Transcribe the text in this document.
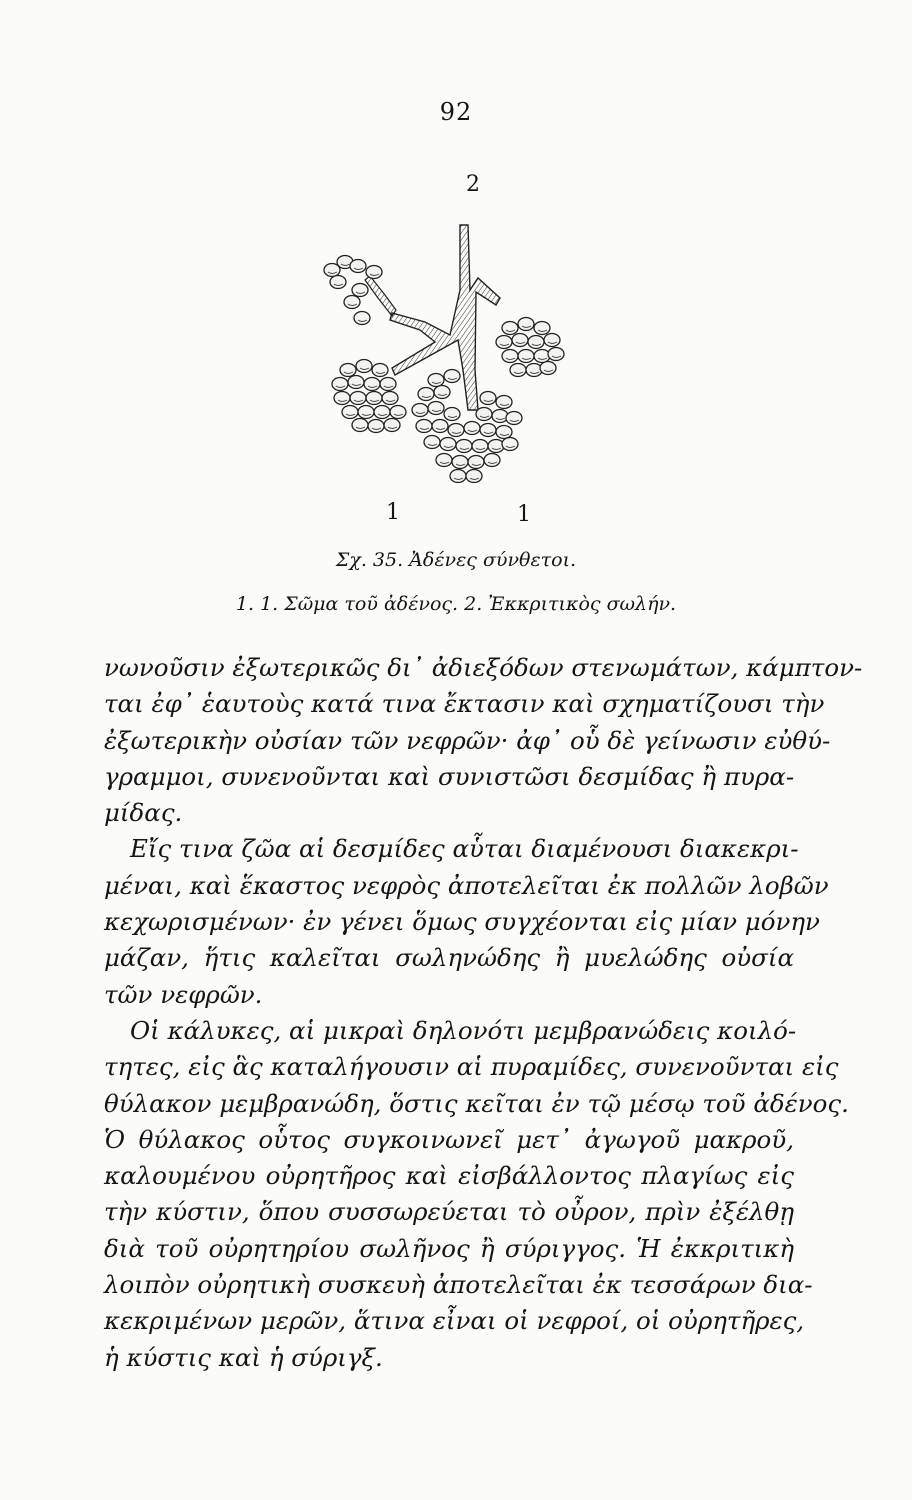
92
2
1	1
Σχ. 35. Ἀδένες σύνθετοι.
1. 1. Σῶμα τοῦ ἀδένος. 2. Ἐκκριτικὸς σωλήν.
νωνοῦσιν ἐξωτερικῶς δι᾽ ἀδιεξόδων στενωμάτων, κάμπτον-
ται ἐφ᾽ ἑαυτοὺς κατά τινα ἔκτασιν καὶ σχηματίζουσι τὴν
ἐξωτερικὴν οὐσίαν τῶν νεφρῶν· ἀφ᾽ οὗ δὲ γείνωσιν εὐθύ-
γραμμοι, συνενοῦνται καὶ συνιστῶσι δεσμίδας ἢ πυρα-
μίδας.
Εἴς τινα ζῶα αἱ δεσμίδες αὗται διαμένουσι διακεκρι-
μέναι, καὶ ἕκαστος νεφρὸς ἀποτελεῖται ἐκ πολλῶν λοβῶν
κεχωρισμένων· ἐν γένει ὅμως συγχέονται εἰς μίαν μόνην
μάζαν, ἥτις καλεῖται σωληνώδης ἢ μυελώδης οὐσία
τῶν νεφρῶν.
Οἱ κάλυκες, αἱ μικραὶ δηλονότι μεμβρανώδεις κοιλό-
τητες, εἰς ἃς καταλήγουσιν αἱ πυραμίδες, συνενοῦνται εἰς
θύλακον μεμβρανώδη, ὅστις κεῖται ἐν τῷ μέσῳ τοῦ ἀδένος.
Ὁ θύλακος οὗτος συγκοινωνεῖ μετ᾽ ἀγωγοῦ μακροῦ,
καλουμένου οὐρητῆρος καὶ εἰσβάλλοντος πλαγίως εἰς
τὴν κύστιν, ὅπου συσσωρεύεται τὸ οὖρον, πρὶν ἐξέλθῃ
διὰ τοῦ οὐρητηρίου σωλῆνος ἢ σύριγγος. Ἡ ἐκκριτικὴ
λοιπὸν οὐρητικὴ συσκευὴ ἀποτελεῖται ἐκ τεσσάρων δια-
κεκριμένων μερῶν, ἅτινα εἶναι οἱ νεφροί, οἱ οὐρητῆρες,
ἡ κύστις καὶ ἡ σύριγξ.
